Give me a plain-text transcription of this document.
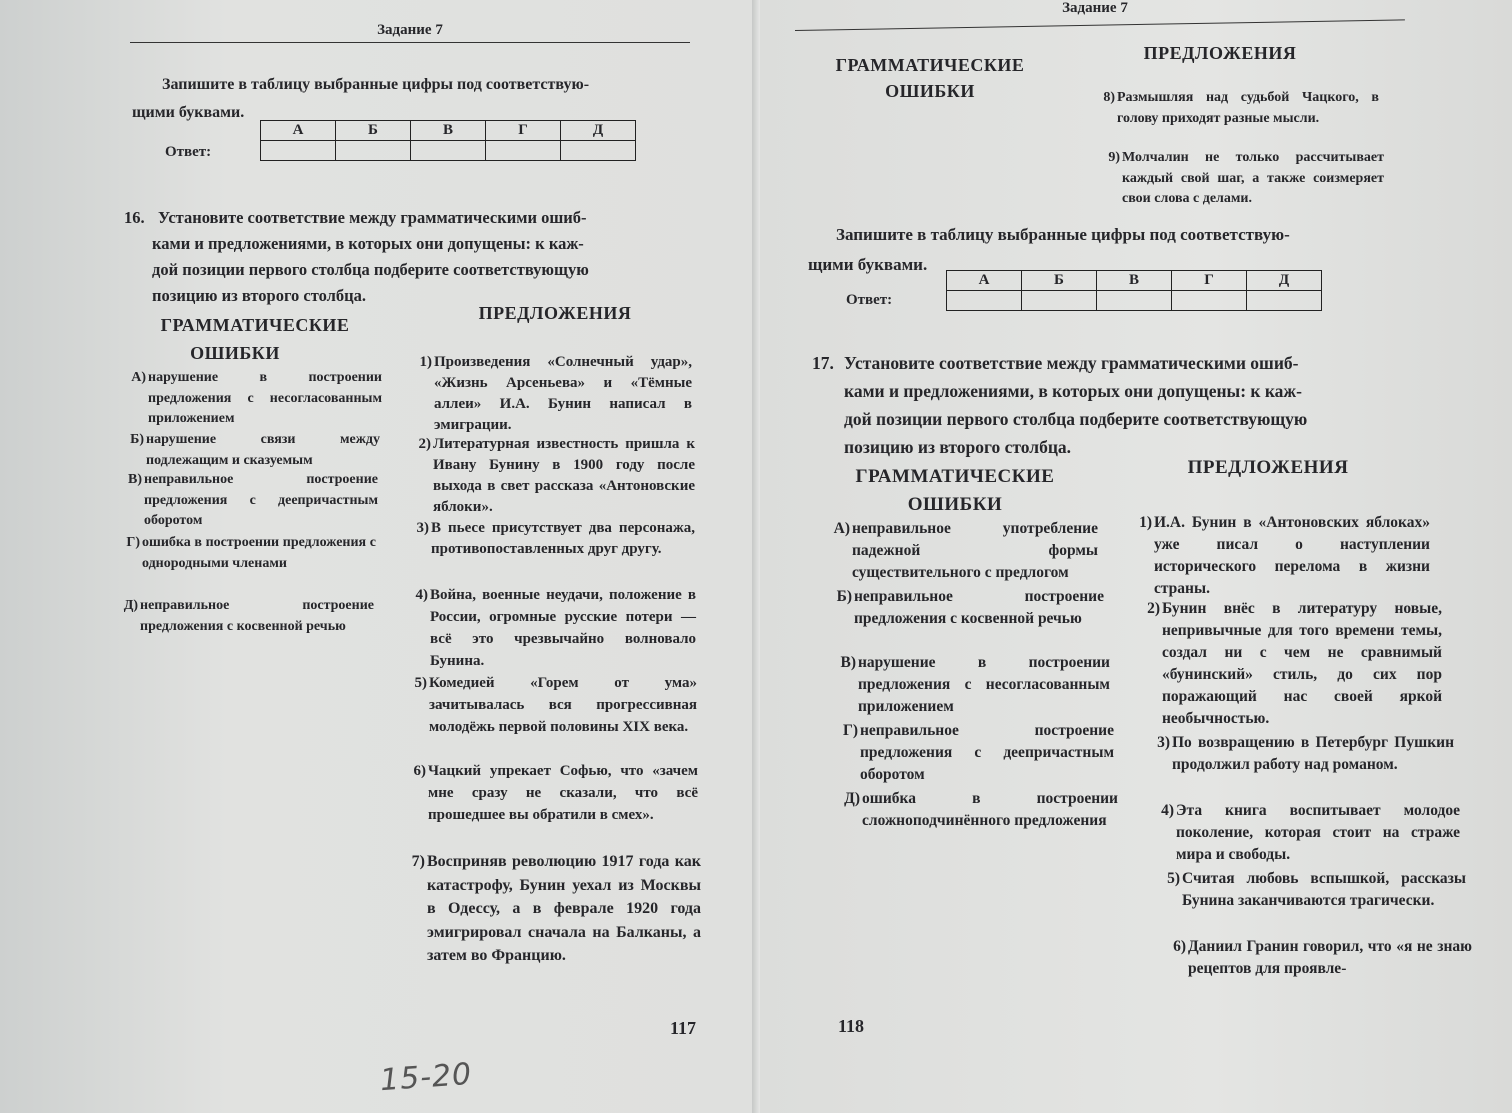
Задание 7
Запишите в таблицу выбранные цифры под соответствую-
щими буквами.
Ответ:
А	Б	В	Г	Д

16. Установите соответствие между грамматическими ошиб-
ками и предложениями, в которых они допущены: к каж-
дой позиции первого столбца подберите соответствующую
позицию из второго столбца.
ГРАММАТИЧЕСКИЕ
ОШИБКИ
ПРЕДЛОЖЕНИЯ
А) нарушение в построении предложения с несогласованным приложением
Б) нарушение связи между подлежащим и сказуемым
В) неправильное построение предложения с деепричастным оборотом
Г) ошибка в построении предложения с однородными членами
Д) неправильное построение предложения с косвенной речью
1) Произведения «Солнечный удар», «Жизнь Арсеньева» и «Тёмные аллеи» И.А. Бунин написал в эмиграции.
2) Литературная известность пришла к Ивану Бунину в 1900 году после выхода в свет рассказа «Антоновские яблоки».
3) В пьесе присутствует два персонажа, противопоставленных друг другу.
4) Война, военные неудачи, положение в России, огромные русские потери — всё это чрезвычайно волновало Бунина.
5) Комедией «Горем от ума» зачитывалась вся прогрессивная молодёжь первой половины XIX века.
6) Чацкий упрекает Софью, что «зачем мне сразу не сказали, что всё прошедшее вы обратили в смех».
7) Восприняв революцию 1917 года как катастрофу, Бунин уехал из Москвы в Одессу, а в феврале 1920 года эмигрировал сначала на Балканы, а затем во Францию.
117
15-20
Задание 7
ГРАММАТИЧЕСКИЕ
ОШИБКИ
ПРЕДЛОЖЕНИЯ
8) Размышляя над судьбой Чацкого, в голову приходят разные мысли.
9) Молчалин не только рассчитывает каждый свой шаг, а также соизмеряет свои слова с делами.
Запишите в таблицу выбранные цифры под соответствую-
щими буквами.
Ответ:
А	Б	В	Г	Д

17. Установите соответствие между грамматическими ошиб-
ками и предложениями, в которых они допущены: к каж-
дой позиции первого столбца подберите соответствующую
позицию из второго столбца.
ГРАММАТИЧЕСКИЕ
ОШИБКИ
ПРЕДЛОЖЕНИЯ
А) неправильное употребление падежной формы существительного с предлогом
Б) неправильное построение предложения с косвенной речью
В) нарушение в построении предложения с несогласованным приложением
Г) неправильное построение предложения с деепричастным оборотом
Д) ошибка в построении сложноподчинённого предложения
1) И.А. Бунин в «Антоновских яблоках» уже писал о наступлении исторического перелома в жизни страны.
2) Бунин внёс в литературу новые, непривычные для того времени темы, создал ни с чем не сравнимый «бунинский» стиль, до сих пор поражающий нас своей яркой необычностью.
3) По возвращению в Петербург Пушкин продолжил работу над романом.
4) Эта книга воспитывает молодое поколение, которая стоит на страже мира и свободы.
5) Считая любовь вспышкой, рассказы Бунина заканчиваются трагически.
6) Даниил Гранин говорил, что «я не знаю рецептов для проявле-
118
